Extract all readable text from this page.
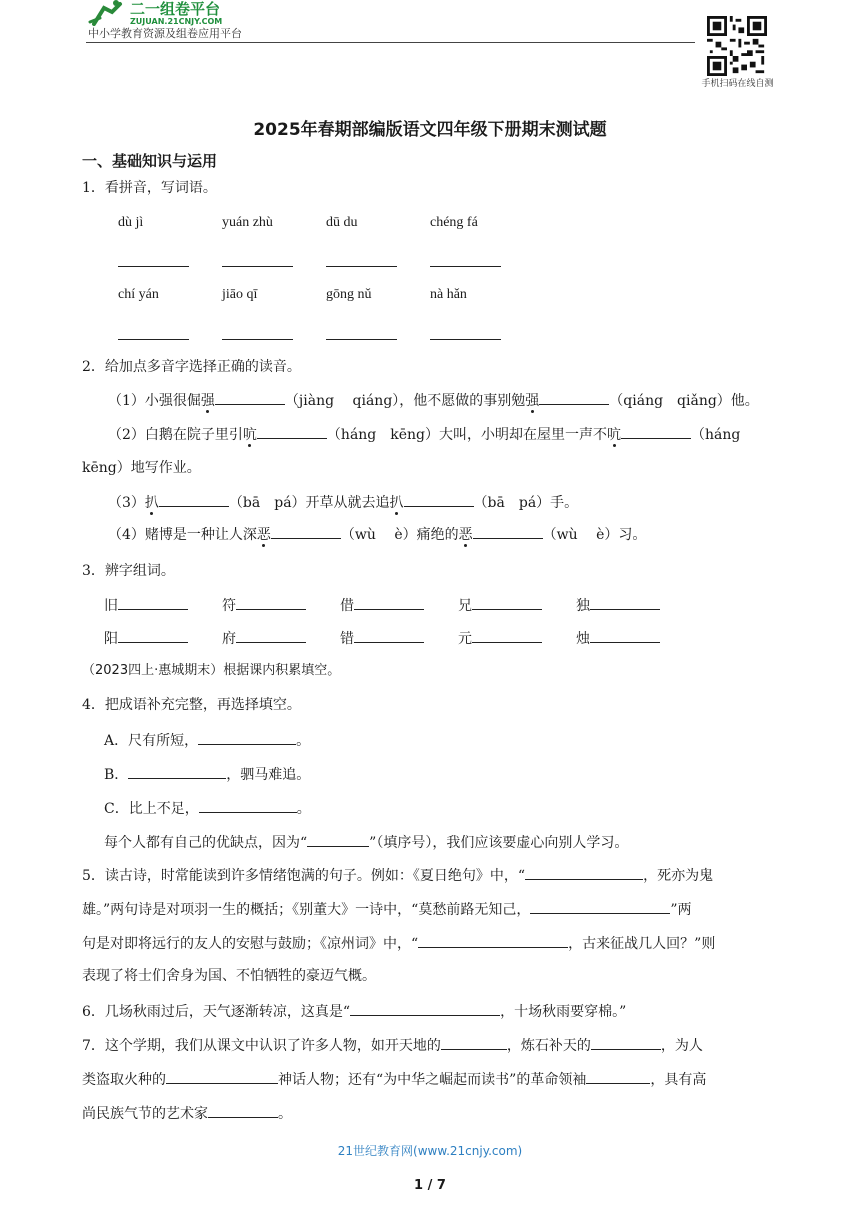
二一组卷平台
ZUJUAN.21CNJY.COM
中小学教育资源及组卷应用平台
手机扫码在线自测
2025年春期部编版语文四年级下册期末测试题
一、基础知识与运用
1．看拼音，写词语。
dù jì	yuán zhù	dū du	chéng fá
chí yán	jiāo qī	gōng nǔ	nà hǎn
2．给加点多音字选择正确的读音。
（1）小强很倔强	（jiàng　 qiáng），他不愿做的事别勉强	（qiáng　qiǎng）他。
（2）白鹅在院子里引吭	（háng　kēng）大叫，小明却在屋里一声不吭	（háng
kēng）地写作业。
（3）扒	（bā　pá）开草从就去追扒	（bā　pá）手。
（4）赌博是一种让人深恶	（wù　 è）痛绝的恶	（wù　 è）习。
3．辨字组词。
旧	符	借	兄	独
阳	府	错	元	烛
（2023四上·惠城期末）根据课内积累填空。
4．把成语补充完整，再选择填空。
A．尺有所短，	。
B．	，驷马难追。
C．比上不足，	。
每个人都有自己的优缺点，因为“	”（填序号），我们应该要虚心向别人学习。
5．读古诗，时常能读到许多情绪饱满的句子。例如：《夏日绝句》中，“	，死亦为鬼
雄。”两句诗是对项羽一生的概括；《别董大》一诗中，“莫愁前路无知己，	”两
句是对即将远行的友人的安慰与鼓励；《凉州词》中，“	，古来征战几人回？”则
表现了将士们舍身为国、不怕牺牲的豪迈气概。
6．几场秋雨过后，天气逐渐转凉，这真是“	，十场秋雨要穿棉。”
7．这个学期，我们从课文中认识了许多人物，如开天地的	，炼石补天的	，为人
类盗取火种的	神话人物；还有“为中华之崛起而读书”的革命领袖	，具有高
尚民族气节的艺术家	。
21世纪教育网(www.21cnjy.com)
1 / 7
